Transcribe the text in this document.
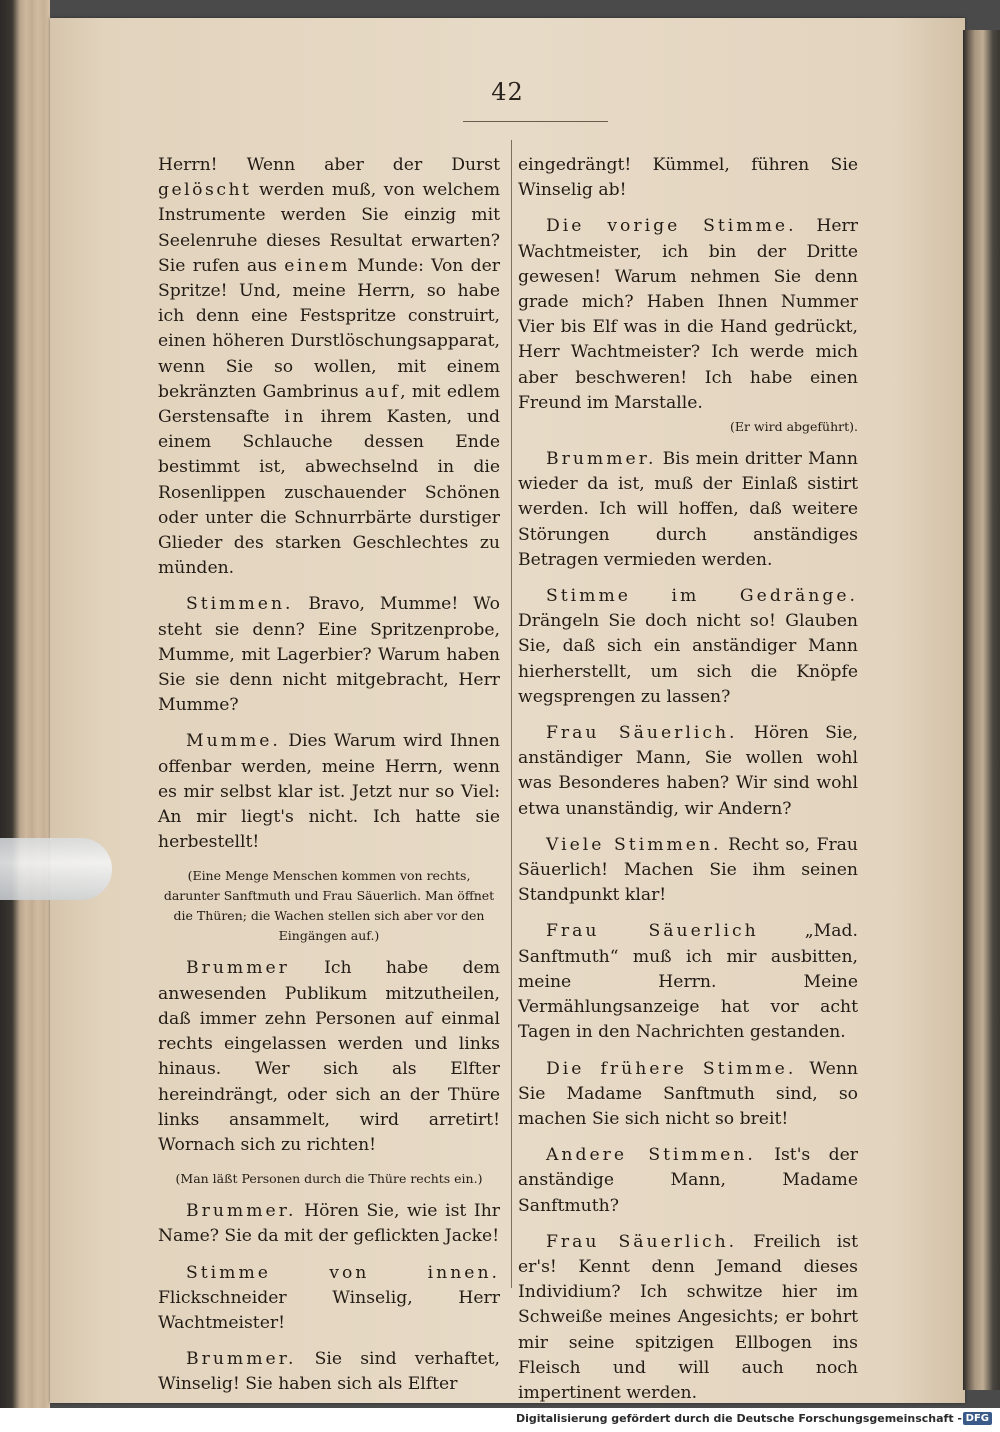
42

Herrn! Wenn aber der Durst gelöscht werden muß, von welchem Instrumente werden Sie einzig mit Seelenruhe dieses Resultat erwarten? Sie rufen aus einem Munde: Von der Spritze! Und, meine Herrn, so habe ich denn eine Festspritze construirt, einen höheren Durstlöschungsapparat, wenn Sie so wollen, mit einem bekränzten Gambrinus auf, mit edlem Gerstensafte in ihrem Kasten, und einem Schlauche dessen Ende bestimmt ist, abwechselnd in die Rosenlippen zuschauender Schönen oder unter die Schnurrbärte durstiger Glieder des starken Geschlechtes zu münden.

Stimmen. Bravo, Mumme! Wo steht sie denn? Eine Spritzenprobe, Mumme, mit Lagerbier? Warum haben Sie sie denn nicht mitgebracht, Herr Mumme?

Mumme. Dies Warum wird Ihnen offenbar werden, meine Herrn, wenn es mir selbst klar ist. Jetzt nur so Viel: An mir liegt's nicht. Ich hatte sie herbestellt!

(Eine Menge Menschen kommen von rechts, darunter Sanftmuth und Frau Säuerlich. Man öffnet die Thüren; die Wachen stellen sich aber vor den Eingängen auf.)

Brummer Ich habe dem anwesenden Publikum mitzutheilen, daß immer zehn Personen auf einmal rechts eingelassen werden und links hinaus. Wer sich als Elfter hereindrängt, oder sich an der Thüre links ansammelt, wird arretirt! Wornach sich zu richten!

(Man läßt Personen durch die Thüre rechts ein.)

Brummer. Hören Sie, wie ist Ihr Name? Sie da mit der geflickten Jacke!

Stimme von innen. Flickschneider Winselig, Herr Wachtmeister!

Brummer. Sie sind verhaftet, Winselig! Sie haben sich als Elfter

eingedrängt! Kümmel, führen Sie Winselig ab!

Die vorige Stimme. Herr Wachtmeister, ich bin der Dritte gewesen! Warum nehmen Sie denn grade mich? Haben Ihnen Nummer Vier bis Elf was in die Hand gedrückt, Herr Wachtmeister? Ich werde mich aber beschweren! Ich habe einen Freund im Marstalle.

(Er wird abgeführt).

Brummer. Bis mein dritter Mann wieder da ist, muß der Einlaß sistirt werden. Ich will hoffen, daß weitere Störungen durch anständiges Betragen vermieden werden.

Stimme im Gedränge. Drängeln Sie doch nicht so! Glauben Sie, daß sich ein anständiger Mann hierherstellt, um sich die Knöpfe wegsprengen zu lassen?

Frau Säuerlich. Hören Sie, anständiger Mann, Sie wollen wohl was Besonderes haben? Wir sind wohl etwa unanständig, wir Andern?

Viele Stimmen. Recht so, Frau Säuerlich! Machen Sie ihm seinen Standpunkt klar!

Frau Säuerlich „Mad. Sanftmuth“ muß ich mir ausbitten, meine Herrn. Meine Vermählungsanzeige hat vor acht Tagen in den Nachrichten gestanden.

Die frühere Stimme. Wenn Sie Madame Sanftmuth sind, so machen Sie sich nicht so breit!

Andere Stimmen. Ist's der anständige Mann, Madame Sanftmuth?

Frau Säuerlich. Freilich ist er's! Kennt denn Jemand dieses Individium? Ich schwitze hier im Schweiße meines Angesichts; er bohrt mir seine spitzigen Ellbogen ins Fleisch und will auch noch impertinent werden.

Digitalisierung gefördert durch die Deutsche Forschungsgemeinschaft - DFG
